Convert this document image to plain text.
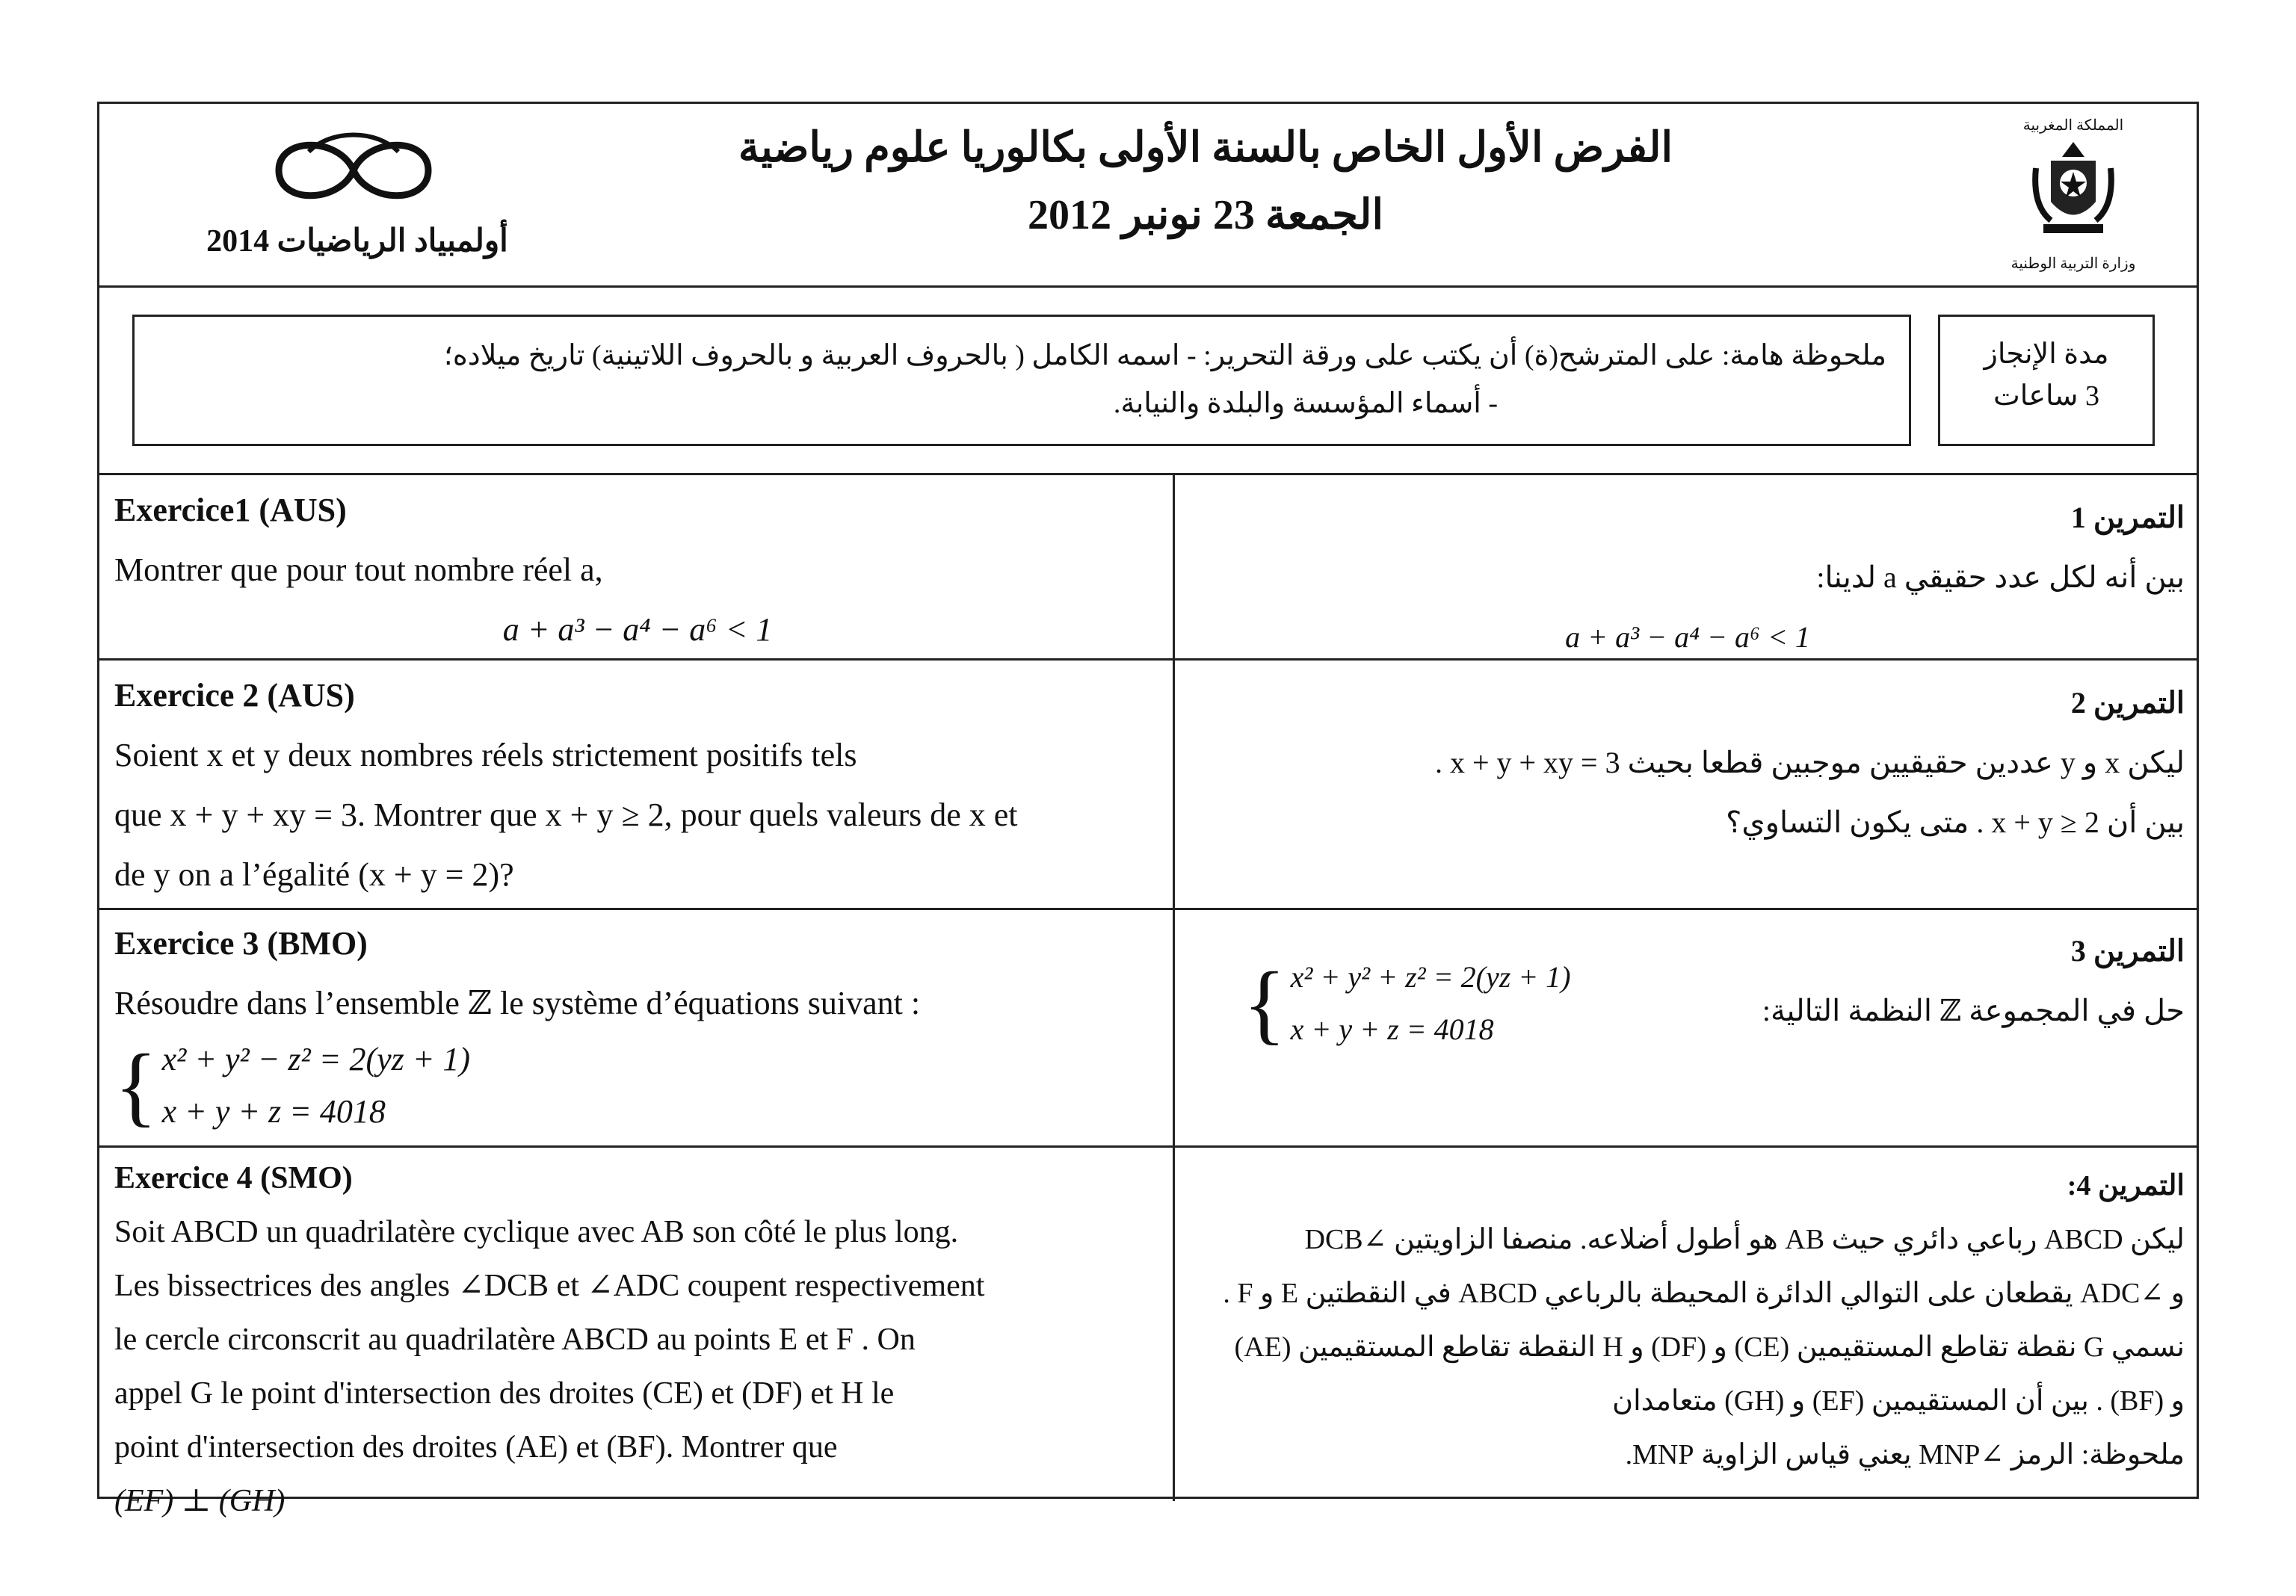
أولمبياد الرياضيات 2014
الفرض الأول الخاص بالسنة الأولى بكالوريا علوم رياضية
الجمعة 23 نونبر 2012
المملكة المغربية
وزارة التربية الوطنية
ملحوظة هامة: على المترشح(ة) أن يكتب على ورقة التحرير: - اسمه الكامل ( بالحروف العربية و بالحروف اللاتينية) تاريخ ميلاده؛
- أسماء المؤسسة والبلدة والنيابة.
مدة الإنجاز
3 ساعات
Exercice1 (AUS)
Montrer que pour tout nombre réel a,
a + a³ − a⁴ − a⁶ < 1
التمرين 1
بين أنه لكل عدد حقيقي a لدينا:
a + a³ − a⁴ − a⁶ < 1
Exercice 2 (AUS)
Soient x et y deux nombres réels strictement positifs tels
que x + y + xy = 3. Montrer que x + y ≥ 2, pour quels valeurs de x et
de y on a l’égalité (x + y = 2)?
التمرين 2
ليكن x و y عددين حقيقيين موجبين قطعا بحيث x + y + xy = 3 .
بين أن x + y ≥ 2 . متى يكون التساوي؟
Exercice 3 (BMO)
Résoudre dans l’ensemble ℤ le système d’équations suivant :
{ x² + y² − z² = 2(yz + 1)
x + y + z = 4018
التمرين 3
حل في المجموعة ℤ النظمة التالية:
{ x² + y² + z² = 2(yz + 1)
x + y + z = 4018
Exercice 4 (SMO)
Soit ABCD un quadrilatère cyclique avec AB son côté le plus long.
Les bissectrices des angles ∠DCB et ∠ADC coupent respectivement
le cercle circonscrit au quadrilatère ABCD au points E et F . On
appel G le point d'intersection des droites (CE) et (DF) et H le
point d'intersection des droites (AE) et (BF). Montrer que
(EF) ⊥ (GH)
التمرين 4:
ليكن ABCD رباعي دائري حيث AB هو أطول أضلاعه. منصفا الزاويتين ∠DCB
و ∠ADC يقطعان على التوالي الدائرة المحيطة بالرباعي ABCD في النقطتين E و F .
نسمي G نقطة تقاطع المستقيمين (CE) و (DF) و H النقطة تقاطع المستقيمين (AE)
و (BF) . بين أن المستقيمين (EF) و (GH) متعامدان
ملحوظة: الرمز ∠MNP يعني قياس الزاوية MNP.
